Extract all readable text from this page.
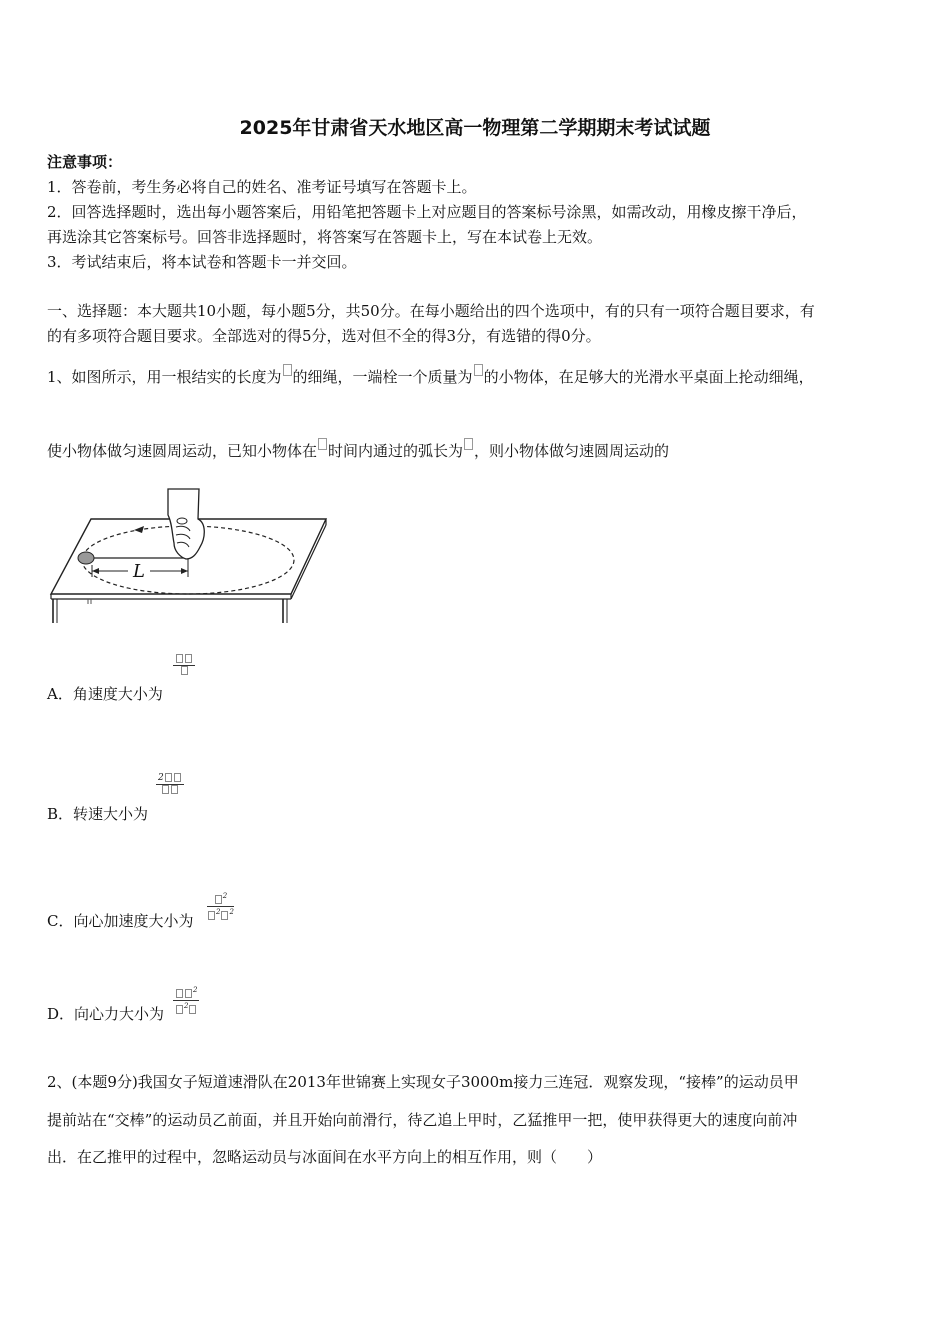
2025年甘肃省天水地区高一物理第二学期期末考试试题
注意事项：
1．答卷前，考生务必将自己的姓名、准考证号填写在答题卡上。
2．回答选择题时，选出每小题答案后，用铅笔把答题卡上对应题目的答案标号涂黑，如需改动，用橡皮擦干净后，
再选涂其它答案标号。回答非选择题时，将答案写在答题卡上，写在本试卷上无效。
3．考试结束后，将本试卷和答题卡一并交回。
一、选择题：本大题共10小题，每小题5分，共50分。在每小题给出的四个选项中，有的只有一项符合题目要求，有
的有多项符合题目要求。全部选对的得5分，选对但不全的得3分，有选错的得0分。
1、如图所示，用一根结实的长度为 的细绳，一端栓一个质量为 的小物体，在足够大的光滑水平桌面上抡动细绳，
使小物体做匀速圆周运动，已知小物体在 时间内通过的弧长为 ，则小物体做匀速圆周运动的
L
A．角速度大小为
2
B．转速大小为
$\frac{^2}{^2 ^2}$
C．向心加速度大小为
$\frac{^2}{^2}$
D．向心力大小为
2、(本题9分)我国女子短道速滑队在2013年世锦赛上实现女子3000m接力三连冠．观察发现，“接棒”的运动员甲
提前站在“交棒”的运动员乙前面，并且开始向前滑行，待乙追上甲时，乙猛推甲一把，使甲获得更大的速度向前冲
出．在乙推甲的过程中，忽略运动员与冰面间在水平方向上的相互作用，则（　　）
